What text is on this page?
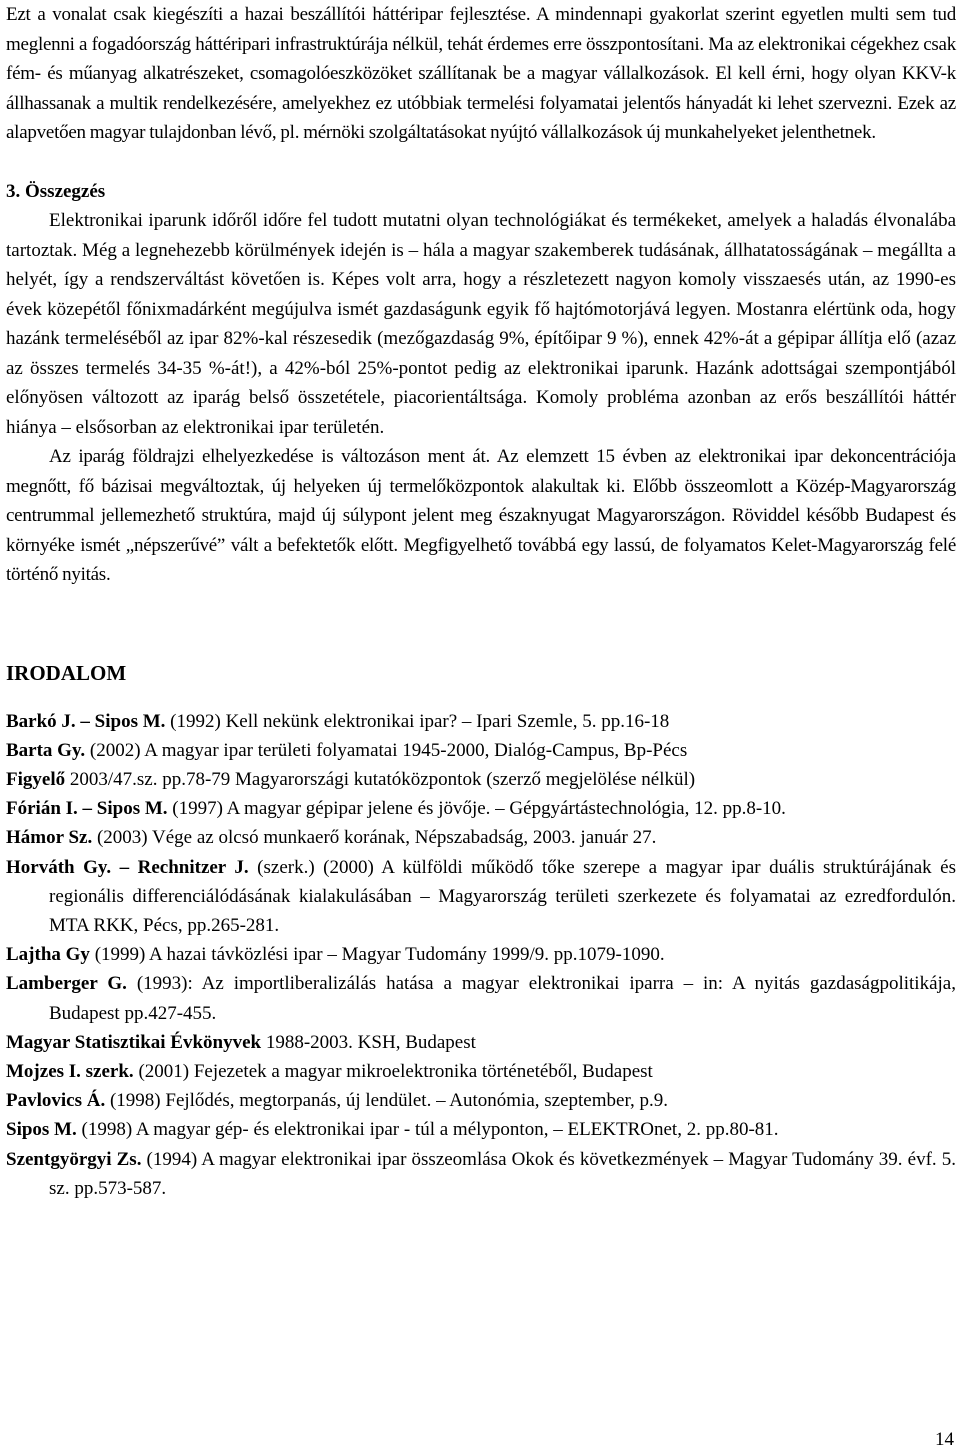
Ezt a vonalat csak kiegészíti a hazai beszállítói háttéripar fejlesztése. A mindennapi gyakorlat szerint egyetlen multi sem tud meglenni a fogadóország háttéripari infrastruktúrája nélkül, tehát érdemes erre összpontosítani. Ma az elektronikai cégekhez csak fém- és műanyag alkatrészeket, csomagolóeszközöket szállítanak be a magyar vállalkozások. El kell érni, hogy olyan KKV-k állhassanak a multik rendelkezésére, amelyekhez ez utóbbiak termelési folyamatai jelentős hányadát ki lehet szervezni. Ezek az alapvetően magyar tulajdonban lévő, pl. mérnöki szolgáltatásokat nyújtó vállalkozások új munkahelyeket jelenthetnek.

3. Összegzés

Elektronikai iparunk időről időre fel tudott mutatni olyan technológiákat és termékeket, amelyek a haladás élvonalába tartoztak. Még a legnehezebb körülmények idején is – hála a magyar szakemberek tudásának, állhatatosságának – megállta a helyét, így a rendszerváltást követően is. Képes volt arra, hogy a részletezett nagyon komoly visszaesés után, az 1990-es évek közepétől főnixmadárként megújulva ismét gazdaságunk egyik fő hajtómotorjává legyen. Mostanra elértünk oda, hogy hazánk termeléséből az ipar 82%-kal részesedik (mezőgazdaság 9%, építőipar 9 %), ennek 42%-át a gépipar állítja elő (azaz az összes termelés 34-35 %-át!), a 42%-ból 25%-pontot pedig az elektronikai iparunk. Hazánk adottságai szempontjából előnyösen változott az iparág belső összetétele, piacorientáltsága. Komoly probléma azonban az erős beszállítói háttér hiánya – elsősorban az elektronikai ipar területén.

Az iparág földrajzi elhelyezkedése is változáson ment át. Az elemzett 15 évben az elektronikai ipar dekoncentrációja megnőtt, fő bázisai megváltoztak, új helyeken új termelőközpontok alakultak ki. Előbb összeomlott a Közép-Magyarország centrummal jellemezhető struktúra, majd új súlypont jelent meg északnyugat Magyarországon. Röviddel később Budapest és környéke ismét „népszerűvé” vált a befektetők előtt. Megfigyelhető továbbá egy lassú, de folyamatos Kelet-Magyarország felé történő nyitás.

IRODALOM

Barkó J. – Sipos M. (1992) Kell nekünk elektronikai ipar? – Ipari Szemle, 5. pp.16-18

Barta Gy. (2002) A magyar ipar területi folyamatai 1945-2000, Dialóg-Campus, Bp-Pécs

Figyelő 2003/47.sz. pp.78-79 Magyarországi kutatóközpontok (szerző megjelölése nélkül)

Fórián I. – Sipos M. (1997) A magyar gépipar jelene és jövője. – Gépgyártástechnológia, 12. pp.8-10.

Hámor Sz. (2003) Vége az olcsó munkaerő korának, Népszabadság, 2003. január 27.

Horváth Gy. – Rechnitzer J. (szerk.) (2000) A külföldi működő tőke szerepe a magyar ipar duális struktúrájának és regionális differenciálódásának kialakulásában – Magyarország területi szerkezete és folyamatai az ezredfordulón. MTA RKK, Pécs, pp.265-281.

Lajtha Gy (1999) A hazai távközlési ipar – Magyar Tudomány 1999/9. pp.1079-1090.

Lamberger G. (1993): Az importliberalizálás hatása a magyar elektronikai iparra – in: A nyitás gazdaságpolitikája, Budapest pp.427-455.

Magyar Statisztikai Évkönyvek 1988-2003. KSH, Budapest

Mojzes I. szerk. (2001) Fejezetek a magyar mikroelektronika történetéből, Budapest

Pavlovics Á. (1998) Fejlődés, megtorpanás, új lendület. – Autonómia, szeptember, p.9.

Sipos M. (1998) A magyar gép- és elektronikai ipar - túl a mélyponton, – ELEKTROnet, 2. pp.80-81.

Szentgyörgyi Zs. (1994) A magyar elektronikai ipar összeomlása Okok és következmények – Magyar Tudomány 39. évf. 5. sz. pp.573-587.

14
